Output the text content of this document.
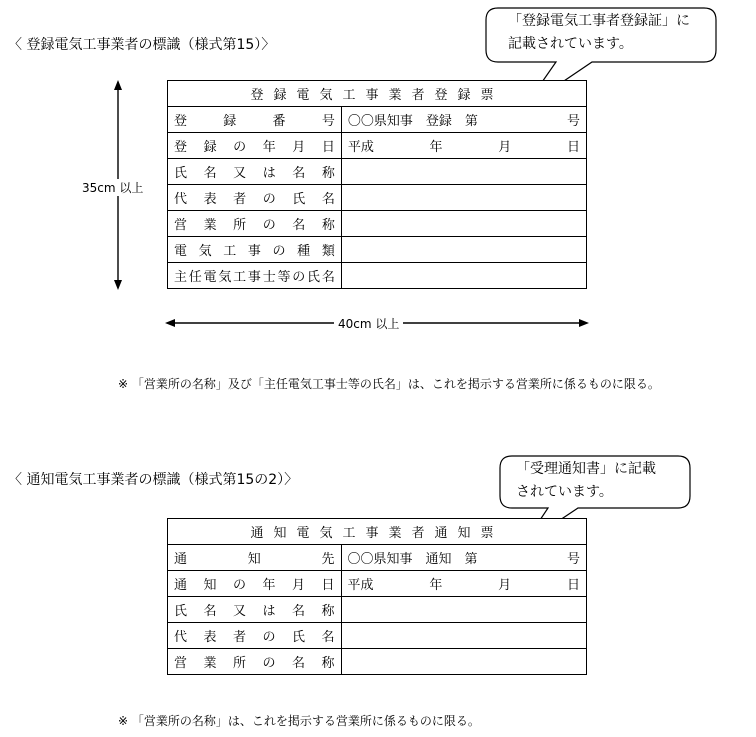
〈 登録電気工事業者の標識（様式第15）〉
「登録電気工事者登録証」に
記載されています。
35cm 以上
登録電気工事業者登録票	
登録番号	〇〇県知事　登録　第 号

登録の年月日	平成 年 月 日

氏名又は名称	
代表者の氏名	
営業所の名称	
電気工事の種類	
主任電気工事士等の氏名	
40cm 以上
※ 「営業所の名称」及び「主任電気工事士等の氏名」は、これを掲示する営業所に係るものに限る。
〈 通知電気工事業者の標識（様式第15の2）〉
「受理通知書」に記載
されています。
通知電気工事業者通知票	
通知先	〇〇県知事　通知　第 号

通知の年月日	平成 年 月 日

氏名又は名称	
代表者の氏名	
営業所の名称	
※ 「営業所の名称」は、これを掲示する営業所に係るものに限る。
